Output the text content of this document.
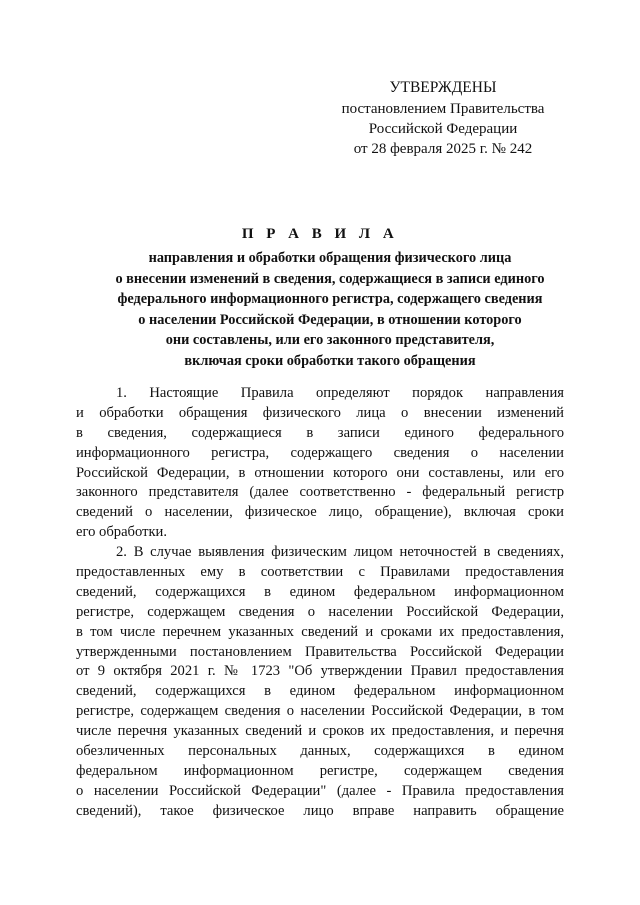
УТВЕРЖДЕНЫ
постановлением Правительства
Российской Федерации
от 28 февраля 2025 г. № 242
П Р А В И Л А
направления и обработки обращения физического лица
о внесении изменений в сведения, содержащиеся в записи единого
федерального информационного регистра, содержащего сведения
о населении Российской Федерации, в отношении которого
они составлены, или его законного представителя,
включая сроки обработки такого обращения
1. Настоящие Правила определяют порядок направления
и обработки обращения физического лица о внесении изменений
в сведения, содержащиеся в записи единого федерального
информационного регистра, содержащего сведения о населении
Российской Федерации, в отношении которого они составлены, или его
законного представителя (далее соответственно - федеральный регистр
сведений о населении, физическое лицо, обращение), включая сроки
его обработки.
2. В случае выявления физическим лицом неточностей в сведениях,
предоставленных ему в соответствии с Правилами предоставления
сведений, содержащихся в едином федеральном информационном
регистре, содержащем сведения о населении Российской Федерации,
в том числе перечнем указанных сведений и сроками их предоставления,
утвержденными постановлением Правительства Российской Федерации
от 9 октября 2021 г. № 1723 "Об утверждении Правил предоставления
сведений, содержащихся в едином федеральном информационном
регистре, содержащем сведения о населении Российской Федерации, в том
числе перечня указанных сведений и сроков их предоставления, и перечня
обезличенных персональных данных, содержащихся в едином
федеральном информационном регистре, содержащем сведения
о населении Российской Федерации" (далее - Правила предоставления
сведений), такое физическое лицо вправе направить обращение
